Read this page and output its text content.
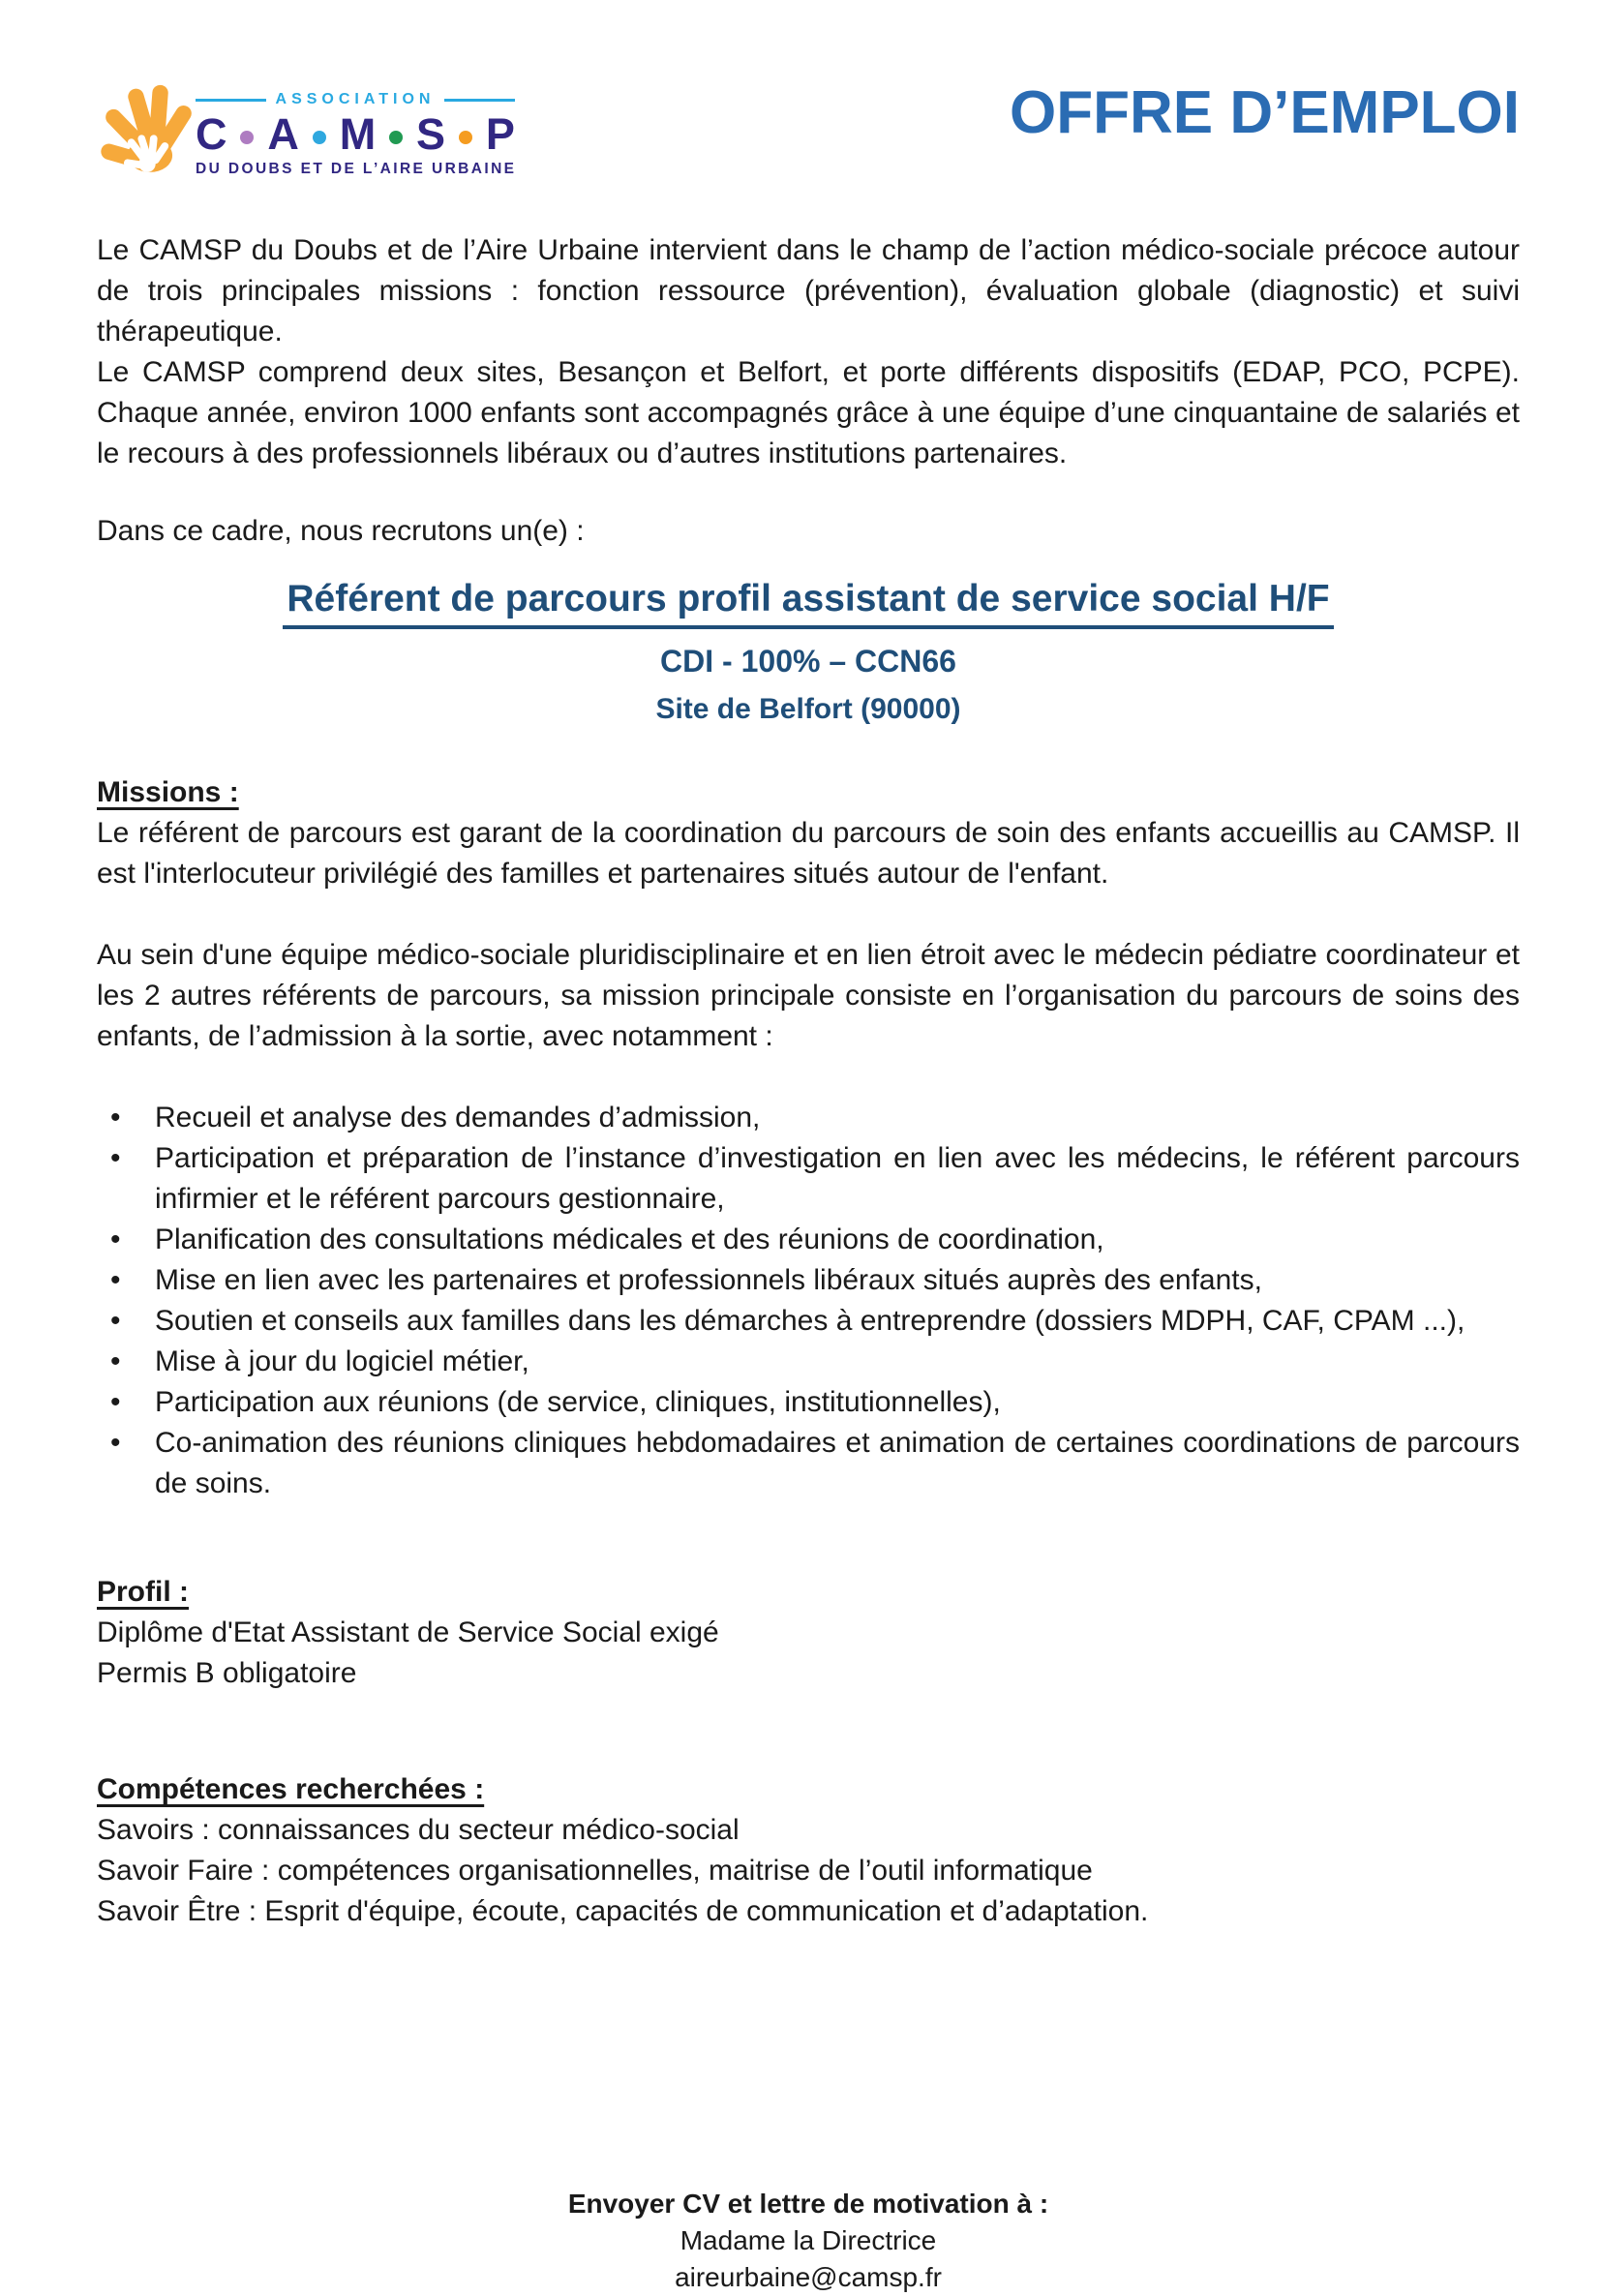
ASSOCIATION
C A M S P
DU DOUBS ET DE L’AIRE URBAINE
OFFRE D’EMPLOI

Le CAMSP du Doubs et de l’Aire Urbaine intervient dans le champ de l’action médico-sociale précoce autour de trois principales missions : fonction ressource (prévention), évaluation globale (diagnostic) et suivi thérapeutique.

Le CAMSP comprend deux sites, Besançon et Belfort, et porte différents dispositifs (EDAP, PCO, PCPE). Chaque année, environ 1000 enfants sont accompagnés grâce à une équipe d’une cinquantaine de salariés et le recours à des professionnels libéraux ou d’autres institutions partenaires.

Dans ce cadre, nous recrutons un(e) :

Référent de parcours profil assistant de service social H/F
CDI - 100% – CCN66
Site de Belfort (90000)

Missions :

Le référent de parcours est garant de la coordination du parcours de soin des enfants accueillis au CAMSP. Il est l'interlocuteur privilégié des familles et partenaires situés autour de l'enfant.

Au sein d'une équipe médico-sociale pluridisciplinaire et en lien étroit avec le médecin pédiatre coordinateur et les 2 autres référents de parcours, sa mission principale consiste en l’organisation du parcours de soins des enfants, de l’admission à la sortie, avec notamment :

• Recueil et analyse des demandes d’admission,
• Participation et préparation de l’instance d’investigation en lien avec les médecins, le référent parcours infirmier et le référent parcours gestionnaire,
• Planification des consultations médicales et des réunions de coordination,
• Mise en lien avec les partenaires et professionnels libéraux situés auprès des enfants,
• Soutien et conseils aux familles dans les démarches à entreprendre (dossiers MDPH, CAF, CPAM ...),
• Mise à jour du logiciel métier,
• Participation aux réunions (de service, cliniques, institutionnelles),
• Co-animation des réunions cliniques hebdomadaires et animation de certaines coordinations de parcours de soins.

Profil :

Diplôme d'Etat Assistant de Service Social exigé
Permis B obligatoire

Compétences recherchées :

Savoirs : connaissances du secteur médico-social
Savoir Faire : compétences organisationnelles, maitrise de l’outil informatique
Savoir Être : Esprit d'équipe, écoute, capacités de communication et d’adaptation.
Envoyer CV et lettre de motivation à :
Madame la Directrice
aireurbaine@camsp.fr
